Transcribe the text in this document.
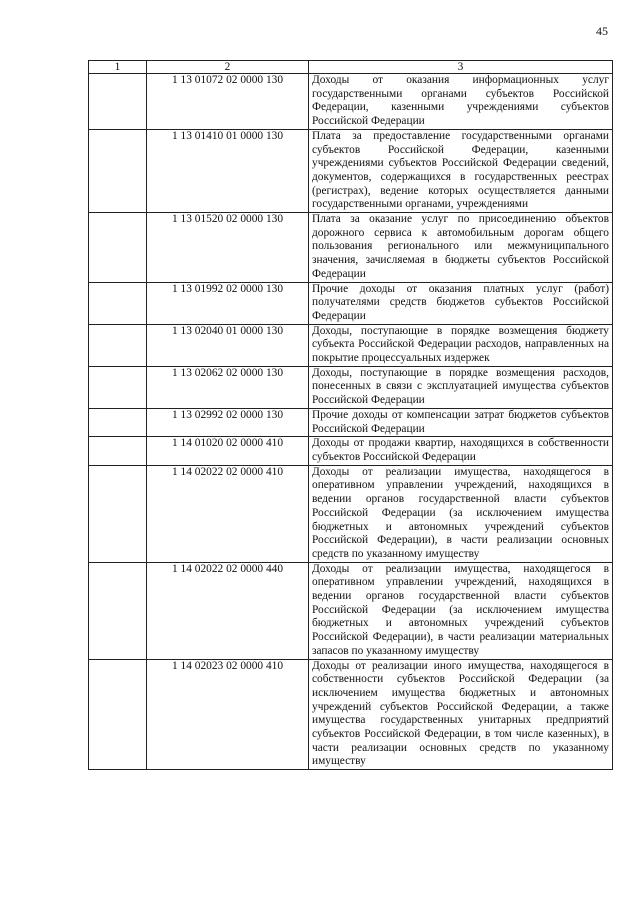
45
1	2	3
	1 13 01072 02 0000 130	Доходы от оказания информационных услуг государственными органами субъектов Российской Федерации, казенными учреждениями субъектов Российской Федерации
	1 13 01410 01 0000 130	Плата за предоставление государственными органами субъектов Российской Федерации, казенными учреждениями субъектов Российской Федерации сведений, документов, содержащихся в государственных реестрах (регистрах), ведение которых осуществляется данными государственными органами, учреждениями
	1 13 01520 02 0000 130	Плата за оказание услуг по присоединению объектов дорожного сервиса к автомобильным дорогам общего пользования регионального или межмуниципального значения, зачисляемая в бюджеты субъектов Российской Федерации
	1 13 01992 02 0000 130	Прочие доходы от оказания платных услуг (работ) получателями средств бюджетов субъектов Российской Федерации
	1 13 02040 01 0000 130	Доходы, поступающие в порядке возмещения бюджету субъекта Российской Федерации расходов, направленных на покрытие процессуальных издержек
	1 13 02062 02 0000 130	Доходы, поступающие в порядке возмещения расходов, понесенных в связи с эксплуатацией имущества субъектов Российской Федерации
	1 13 02992 02 0000 130	Прочие доходы от компенсации затрат бюджетов субъектов Российской Федерации
	1 14 01020 02 0000 410	Доходы от продажи квартир, находящихся в собственности субъектов Российской Федерации
	1 14 02022 02 0000 410	Доходы от реализации имущества, находящегося в оперативном управлении учреждений, находящихся в ведении органов государственной власти субъектов Российской Федерации (за исключением имущества бюджетных и автономных учреждений субъектов Российской Федерации), в части реализации основных средств по указанному имуществу
	1 14 02022 02 0000 440	Доходы от реализации имущества, находящегося в оперативном управлении учреждений, находящихся в ведении органов государственной власти субъектов Российской Федерации (за исключением имущества бюджетных и автономных учреждений субъектов Российской Федерации), в части реализации материальных запасов по указанному имуществу
	1 14 02023 02 0000 410	Доходы от реализации иного имущества, находящегося в собственности субъектов Российской Федерации (за исключением имущества бюджетных и автономных учреждений субъектов Российской Федерации, а также имущества государственных унитарных предприятий субъектов Российской Федерации, в том числе казенных), в части реализации основных средств по указанному имуществу
